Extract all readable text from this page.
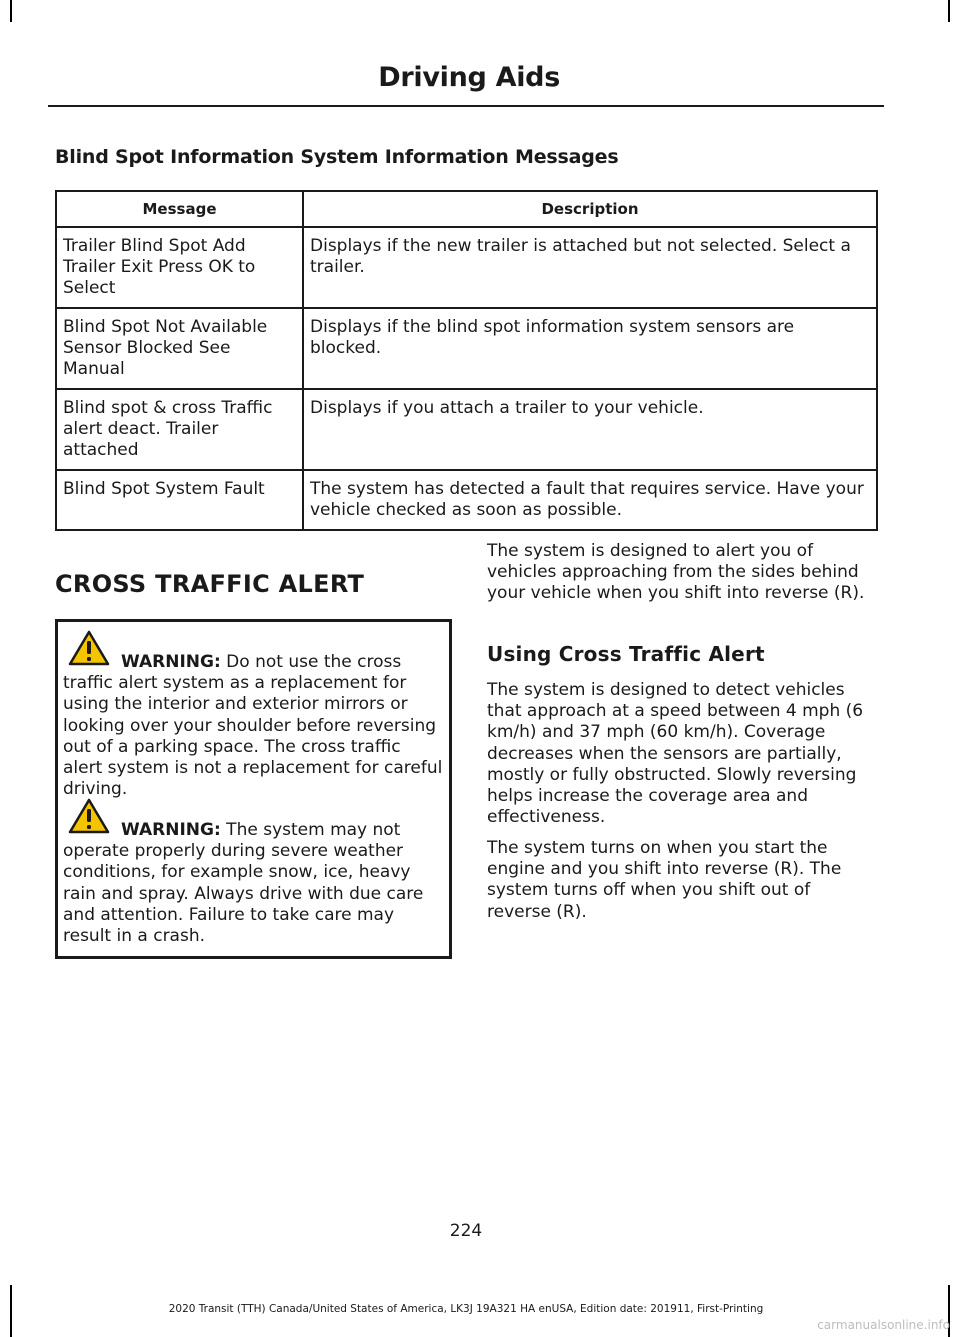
Driving Aids
Blind Spot Information System Information Messages
Message	Description
Trailer Blind Spot Add Trailer Exit Press OK to Select	Displays if the new trailer is attached but not selected. Select a trailer.
Blind Spot Not Available Sensor Blocked See Manual	Displays if the blind spot information system sensors are blocked.
Blind spot & cross Traffic alert deact. Trailer attached	Displays if you attach a trailer to your vehicle.
Blind Spot System Fault	The system has detected a fault that requires service. Have your vehicle checked as soon as possible.
CROSS TRAFFIC ALERT
WARNING: Do not use the cross traffic alert system as a replacement for using the interior and exterior mirrors or looking over your shoulder before reversing out of a parking space. The cross traffic alert system is not a replacement for careful driving.
WARNING: The system may not operate properly during severe weather conditions, for example snow, ice, heavy rain and spray. Always drive with due care and attention. Failure to take care may result in a crash.
The system is designed to alert you of vehicles approaching from the sides behind your vehicle when you shift into reverse (R).
Using Cross Traffic Alert
The system is designed to detect vehicles that approach at a speed between 4 mph (6 km/h) and 37 mph (60 km/h). Coverage decreases when the sensors are partially, mostly or fully obstructed. Slowly reversing helps increase the coverage area and effectiveness.
The system turns on when you start the engine and you shift into reverse (R). The system turns off when you shift out of reverse (R).
224
2020 Transit (TTH) Canada/United States of America, LK3J 19A321 HA enUSA, Edition date: 201911, First-Printing
carmanualsonline.info
